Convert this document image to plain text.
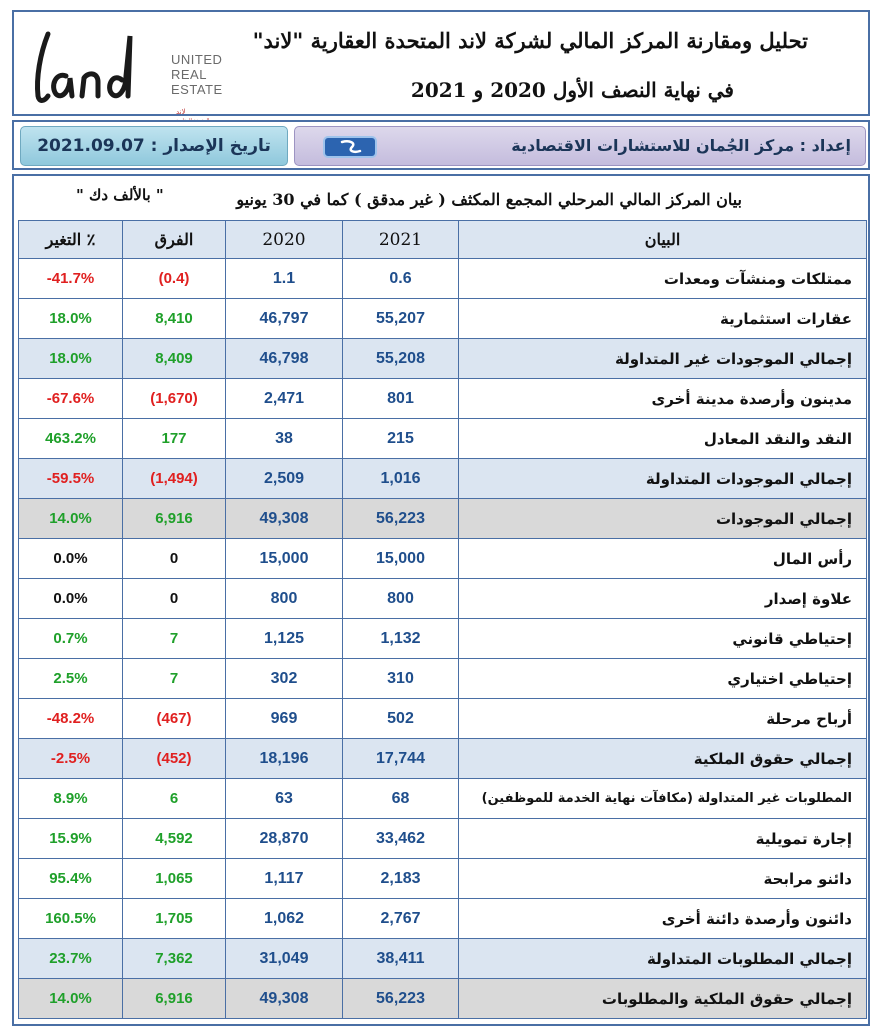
UNITED
REAL
ESTATE
لاند
تحليل ومقارنة المركز المالي لشركة لاند المتحدة العقارية "لاند"
في نهاية النصف الأول 2020 و 2021
تاريخ الإصدار : 2021.09.07	إعداد : مركز الجُمان للاستشارات الاقتصادية
بيان المركز المالي المرحلي المجمع المكثف ( غير مدقق ) كما في 30 يونيو
" بالألف دك "
التغير ٪	الفرق	2020	2021	البيان
-41.7%	(0.4)	1.1	0.6	ممتلكات ومنشآت ومعدات
18.0%	8,410	46,797	55,207	عقارات استثمارية
18.0%	8,409	46,798	55,208	إجمالي الموجودات غير المتداولة
-67.6%	(1,670)	2,471	801	مدينون وأرصدة مدينة أخرى
463.2%	177	38	215	النقد والنقد المعادل
-59.5%	(1,494)	2,509	1,016	إجمالي الموجودات المتداولة
14.0%	6,916	49,308	56,223	إجمالي الموجودات
0.0%	0	15,000	15,000	رأس المال
0.0%	0	800	800	علاوة إصدار
0.7%	7	1,125	1,132	إحتياطي قانوني
2.5%	7	302	310	إحتياطي اختياري
-48.2%	(467)	969	502	أرباح مرحلة
-2.5%	(452)	18,196	17,744	إجمالي حقوق الملكية
8.9%	6	63	68	المطلوبات غير المتداولة (مكافآت نهاية الخدمة للموظفين)
15.9%	4,592	28,870	33,462	إجارة تمويلية
95.4%	1,065	1,117	2,183	دائنو مرابحة
160.5%	1,705	1,062	2,767	دائنون وأرصدة دائنة أخرى
23.7%	7,362	31,049	38,411	إجمالي المطلوبات المتداولة
14.0%	6,916	49,308	56,223	إجمالي حقوق الملكية والمطلوبات
